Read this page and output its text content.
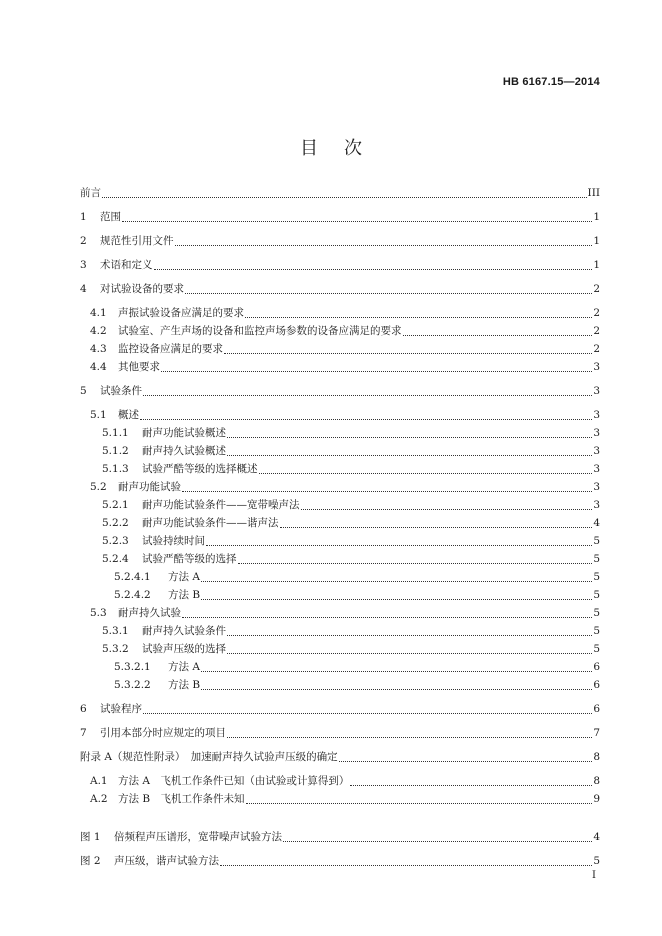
HB 6167.15—2014
目次
前言	III
1	范围	1
2	规范性引用文件	1
3	术语和定义	1
4	对试验设备的要求	2
4.1	声振试验设备应满足的要求	2
4.2	试验室、产生声场的设备和监控声场参数的设备应满足的要求	2
4.3	监控设备应满足的要求	2
4.4	其他要求	3
5	试验条件	3
5.1	概述	3
5.1.1	耐声功能试验概述	3
5.1.2	耐声持久试验概述	3
5.1.3	试验严酷等级的选择概述	3
5.2	耐声功能试验	3
5.2.1	耐声功能试验条件——宽带噪声法	3
5.2.2	耐声功能试验条件——谐声法	4
5.2.3	试验持续时间	5
5.2.4	试验严酷等级的选择	5
5.2.4.1	方法 A	5
5.2.4.2	方法 B	5
5.3	耐声持久试验	5
5.3.1	耐声持久试验条件	5
5.3.2	试验声压级的选择	5
5.3.2.1	方法 A	6
5.3.2.2	方法 B	6
6	试验程序	6
7	引用本部分时应规定的项目	7
附录 A（规范性附录）　加速耐声持久试验声压级的确定	8
A.1 方法 A　飞机工作条件已知（由试验或计算得到）	8
A.2 方法 B　飞机工作条件未知	9
图 1	倍频程声压谱形，宽带噪声试验方法	4
图 2	声压级，谐声试验方法	5
I
